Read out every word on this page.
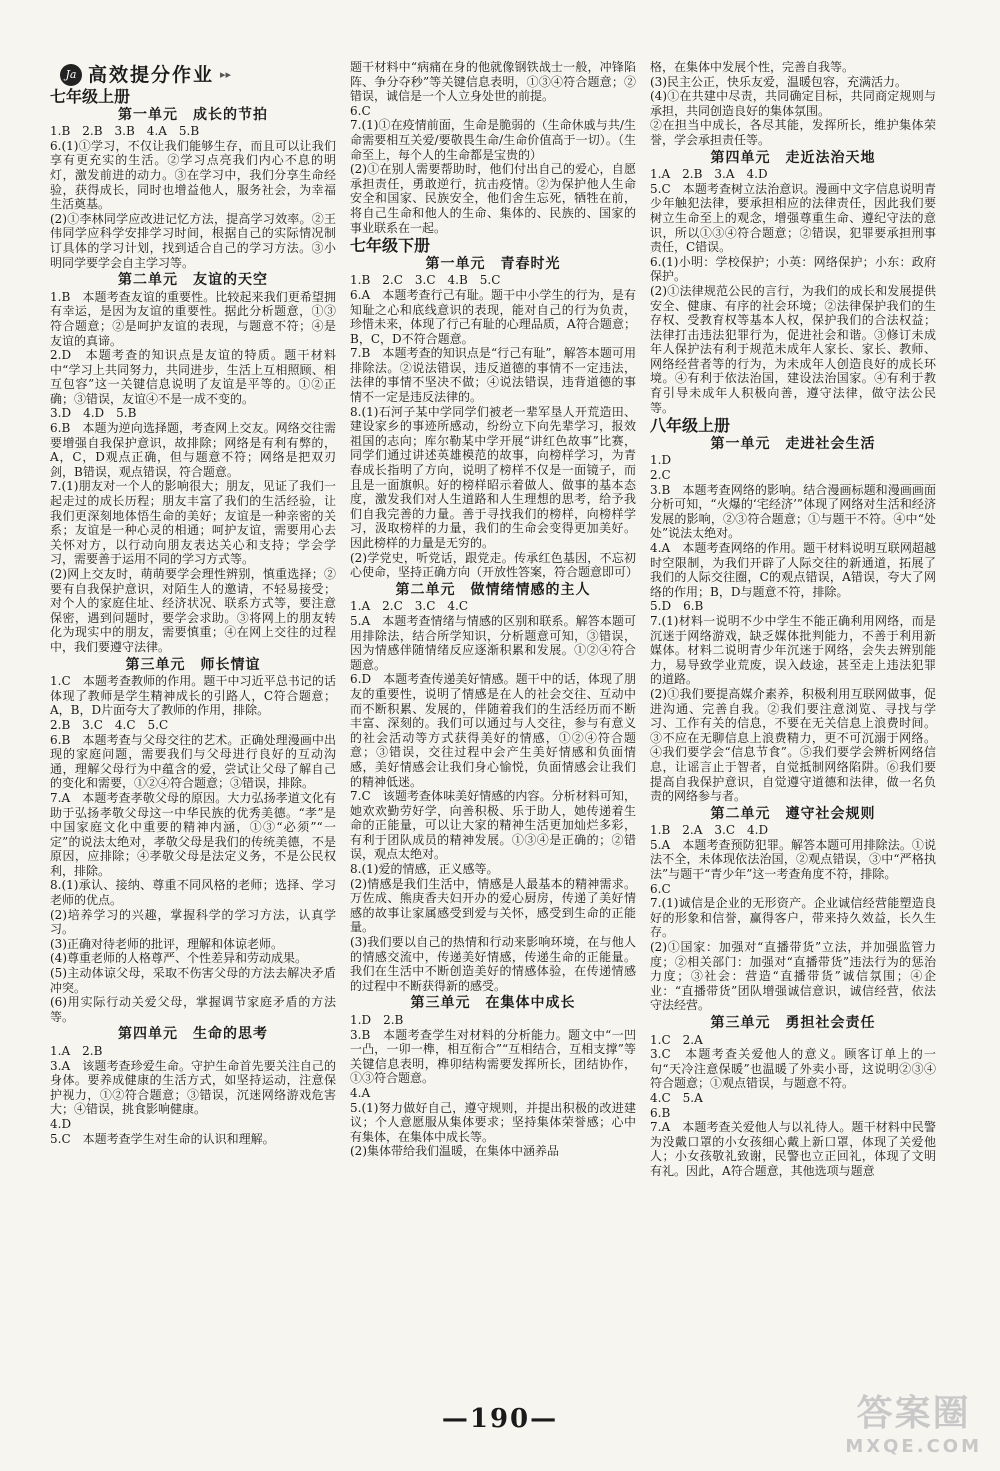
Ja 高效提分作业 ▸▸
七年级上册
第一单元　成长的节拍

1.B　2.B　3.B　4.A　5.B

6.(1)①学习，不仅让我们能够生存，而且可以让我们享有更充实的生活。②学习点亮我们内心不息的明灯，激发前进的动力。③在学习中，我们分享生命经验，获得成长，同时也增益他人，服务社会，为幸福生活奠基。

(2)①李林同学应改进记忆方法，提高学习效率。②王伟同学应科学安排学习时间，根据自己的实际情况制订具体的学习计划，找到适合自己的学习方法。③小明同学要学会自主学习等。

第二单元　友谊的天空

1.B　本题考查友谊的重要性。比较起来我们更希望拥有幸运，是因为友谊的重要性。据此分析题意，①③符合题意；②是呵护友谊的表现，与题意不符；④是友谊的真谛。

2.D　本题考查的知识点是友谊的特质。题干材料中“学习上共同努力，共同进步，生活上互相照顾、相互包容”这一关键信息说明了友谊是平等的。①②正确；③错误，友谊④不是一成不变的。

3.D　4.D　5.B

6.B　本题为逆向选择题，考查网上交友。网络交往需要增强自我保护意识，故排除；网络是有利有弊的，A，C，D观点正确，但与题意不符；网络是把双刃剑，B错误，观点错误，符合题意。

7.(1)朋友对一个人的影响很大；朋友，见证了我们一起走过的成长历程；朋友丰富了我们的生活经验，让我们更深刻地体悟生命的美好；友谊是一种亲密的关系；友谊是一种心灵的相通；呵护友谊，需要用心去关怀对方，以行动向朋友表达关心和支持；学会学习，需要善于运用不同的学习方式等。

(2)网上交友时，萌萌要学会理性辨别，慎重选择；②要有自我保护意识，对陌生人的邀请，不轻易接受；对个人的家庭住址、经济状况、联系方式等，要注意保密，遇到问题时，要学会求助。③将网上的朋友转化为现实中的朋友，需要慎重；④在网上交往的过程中，我们要遵守法律。

第三单元　师长情谊

1.C　本题考查教师的作用。题干中习近平总书记的话体现了教师是学生精神成长的引路人，C符合题意；A，B，D片面夸大了教师的作用，排除。

2.B　3.C　4.C　5.C

6.B　本题考查与父母交往的艺术。正确处理漫画中出现的家庭问题，需要我们与父母进行良好的互动沟通，理解父母行为中蕴含的爱，尝试让父母了解自己的变化和需要，①②④符合题意；③错误，排除。

7.A　本题考查孝敬父母的原因。大力弘扬孝道文化有助于弘扬孝敬父母这一中华民族的优秀美德。“孝”是中国家庭文化中重要的精神内涵，①③“必须”“一定”的说法太绝对，孝敬父母是我们的传统美德，不是原因，应排除；④孝敬父母是法定义务，不是公民权利，排除。

8.(1)承认、接纳、尊重不同风格的老师；选择、学习老师的优点。

(2)培养学习的兴趣，掌握科学的学习方法，认真学习。

(3)正确对待老师的批评，理解和体谅老师。

(4)尊重老师的人格尊严、个性差异和劳动成果。

(5)主动体谅父母，采取不伤害父母的方法去解决矛盾冲突。

(6)用实际行动关爱父母，掌握调节家庭矛盾的方法等。

第四单元　生命的思考

1.A　2.B

3.A　该题考查珍爱生命。守护生命首先要关注自己的身体。要养成健康的生活方式，如坚持运动，注意保护视力，①②符合题意；③错误，沉迷网络游戏危害大；④错误，挑食影响健康。

4.D

5.C　本题考查学生对生命的认识和理解。

题干材料中“病痛在身的他就像钢铁战士一般，冲锋陷阵、争分夺秒”等关键信息表明，①③④符合题意；②错误，诚信是一个人立身处世的前提。

6.C

7.(1)①在疫情前面，生命是脆弱的（生命休戚与共/生命需要相互关爱/要敬畏生命/生命价值高于一切）。（生命至上，每个人的生命都是宝贵的）

(2)①在别人需要帮助时，他们付出自己的爱心，自愿承担责任，勇敢逆行，抗击疫情。②为保护他人生命安全和国家、民族安全，他们舍生忘死，牺牲在前，将自己生命和他人的生命、集体的、民族的、国家的事业联系在一起。

七年级下册
第一单元　青春时光

1.B　2.C　3.C　4.B　5.C

6.A　本题考查行己有耻。题干中小学生的行为，是有知耻之心和底线意识的表现，能对自己的行为负责，珍惜未来，体现了行己有耻的心理品质，A符合题意；B，C，D不符合题意。

7.B　本题考查的知识点是“行己有耻”，解答本题可用排除法。②说法错误，违反道德的事情不一定违法，法律的事情不坚决不做；④说法错误，违背道德的事情不一定是违反法律的。

8.(1)石河子某中学同学们被老一辈军垦人开荒造田、建设家乡的事迹所感动，纷纷立下向先辈学习，报效祖国的志向；库尔勒某中学开展“讲红色故事”比赛，同学们通过讲述英雄模范的故事，向榜样学习，为青春成长指明了方向，说明了榜样不仅是一面镜子，而且是一面旗帜。好的榜样昭示着做人、做事的基本态度，激发我们对人生道路和人生理想的思考，给予我们自我完善的力量。善于寻找我们的榜样，向榜样学习，汲取榜样的力量，我们的生命会变得更加美好。因此榜样的力量是无穷的。

(2)学党史，听党话，跟党走。传承红色基因，不忘初心使命，坚持正确方向（开放性答案，符合题意即可）

第二单元　做情绪情感的主人

1.A　2.C　3.C　4.C

5.A　本题考查情绪与情感的区别和联系。解答本题可用排除法，结合所学知识，分析题意可知，③错误，因为情感伴随情绪反应逐渐积累和发展。①②④符合题意。

6.D　本题考查传递美好情感。题干中的话，体现了朋友的重要性，说明了情感是在人的社会交往、互动中而不断积累、发展的，伴随着我们的生活经历而不断丰富、深刻的。我们可以通过与人交往，参与有意义的社会活动等方式获得美好的情感，①②④符合题意；③错误，交往过程中会产生美好情感和负面情感，美好情感会让我们身心愉悦，负面情感会让我们的精神低迷。

7.C　该题考查体味美好情感的内容。分析材料可知，她欢欢勤劳好学，向善积极、乐于助人，她传递着生命的正能量，可以让大家的精神生活更加灿烂多彩，有利于团队成员的精神发展。①③④是正确的；②错误，观点太绝对。

8.(1)爱的情感，正义感等。

(2)情感是我们生活中，情感是人最基本的精神需求。万佐成、熊庚香夫妇开办的爱心厨房，传递了美好情感的故事让家属感受到爱与关怀，感受到生命的正能量。

(3)我们要以自己的热情和行动来影响环境，在与他人的情感交流中，传递美好情感，传递生命的正能量。我们在生活中不断创造美好的情感体验，在传递情感的过程中不断获得新的感受。

第三单元　在集体中成长

1.D　2.B

3.B　本题考查学生对材料的分析能力。题文中“一凹一凸，一卯一榫，相互衔合”“互相结合，互相支撑”等关键信息表明，榫卯结构需要发挥所长，团结协作，①③符合题意。

4.A

5.(1)努力做好自己，遵守规则，并提出积极的改进建议；个人意愿服从集体要求；坚持集体荣誉感；心中有集体，在集体中成长等。

(2)集体带给我们温暖，在集体中涵养品

格，在集体中发展个性，完善自我等。

(3)民主公正，快乐友爱，温暖包容，充满活力。

(4)①在共建中尽责，共同确定目标，共同商定规则与承担，共同创造良好的集体氛围。

②在担当中成长，各尽其能，发挥所长，维护集体荣誉，学会承担责任等。

第四单元　走近法治天地

1.A　2.B　3.A　4.D

5.C　本题考查树立法治意识。漫画中文字信息说明青少年触犯法律，要承担相应的法律责任，因此我们要树立生命至上的观念，增强尊重生命、遵纪守法的意识，所以①③④符合题意；②错误，犯罪要承担刑事责任，C错误。

6.(1)小明：学校保护；小英：网络保护；小东：政府保护。

(2)①法律规范公民的言行，为我们的成长和发展提供安全、健康、有序的社会环境；②法律保护我们的生存权、受教育权等基本人权，保护我们的合法权益；法律打击违法犯罪行为，促进社会和谐。③修订未成年人保护法有利于规范未成年人家长、家长、教师、网络经营者等的行为，为未成年人创造良好的成长环境。④有利于依法治国，建设法治国家。④有利于教育引导未成年人积极向善，遵守法律，做守法公民等。

八年级上册
第一单元　走进社会生活

1.D

2.C

3.B　本题考查网络的影响。结合漫画标题和漫画画面分析可知，“火爆的‘宅经济’”体现了网络对生活和经济发展的影响，②③符合题意；①与题干不符。④中“处处”说法太绝对。

4.A　本题考查网络的作用。题干材料说明互联网超越时空限制，为我们开辟了人际交往的新通道，拓展了我们的人际交往圈，C的观点错误，A错误，夸大了网络的作用；B，D与题意不符，排除。

5.D　6.B

7.(1)材料一说明不少中学生不能正确利用网络，而是沉迷于网络游戏，缺乏媒体批判能力，不善于利用新媒体。材料二说明青少年沉迷于网络，会失去辨别能力，易导致学业荒废，误入歧途，甚至走上违法犯罪的道路。

(2)①我们要提高媒介素养，积极利用互联网做事，促进沟通、完善自我。②我们要注意浏览、寻找与学习、工作有关的信息，不要在无关信息上浪费时间。③不应在无聊信息上浪费精力，更不可沉溺于网络。④我们要学会“信息节食”。⑤我们要学会辨析网络信息，让谣言止于智者，自觉抵制网络陷阱。⑥我们要提高自我保护意识，自觉遵守道德和法律，做一名负责的网络参与者。

第二单元　遵守社会规则

1.B　2.A　3.C　4.D

5.A　本题考查预防犯罪。解答本题可用排除法。①说法不全，未体现依法治国，②观点错误，③中“严格执法”与题干“青少年”这一考查角度不符，排除。

6.C

7.(1)诚信是企业的无形资产。企业诚信经营能塑造良好的形象和信誉，赢得客户，带来持久效益，长久生存。

(2)①国家：加强对“直播带货”立法，并加强监管力度；②相关部门：加强对“直播带货”违法行为的惩治力度；③社会：营造“直播带货”诚信氛围；④企业：“直播带货”团队增强诚信意识，诚信经营，依法守法经营。

第三单元　勇担社会责任

1.C　2.A

3.C　本题考查关爱他人的意义。顾客订单上的一句“天冷注意保暖”也温暖了外卖小哥，这说明②③④符合题意；①观点错误，与题意不符。

4.C　5.A

6.B

7.A　本题考查关爱他人与以礼待人。题干材料中民警为没戴口罩的小女孩细心戴上新口罩，体现了关爱他人；小女孩敬礼致谢，民警也立正回礼，体现了文明有礼。因此，A符合题意，其他选项与题意

—190—	答案圈
MXQE.COM
